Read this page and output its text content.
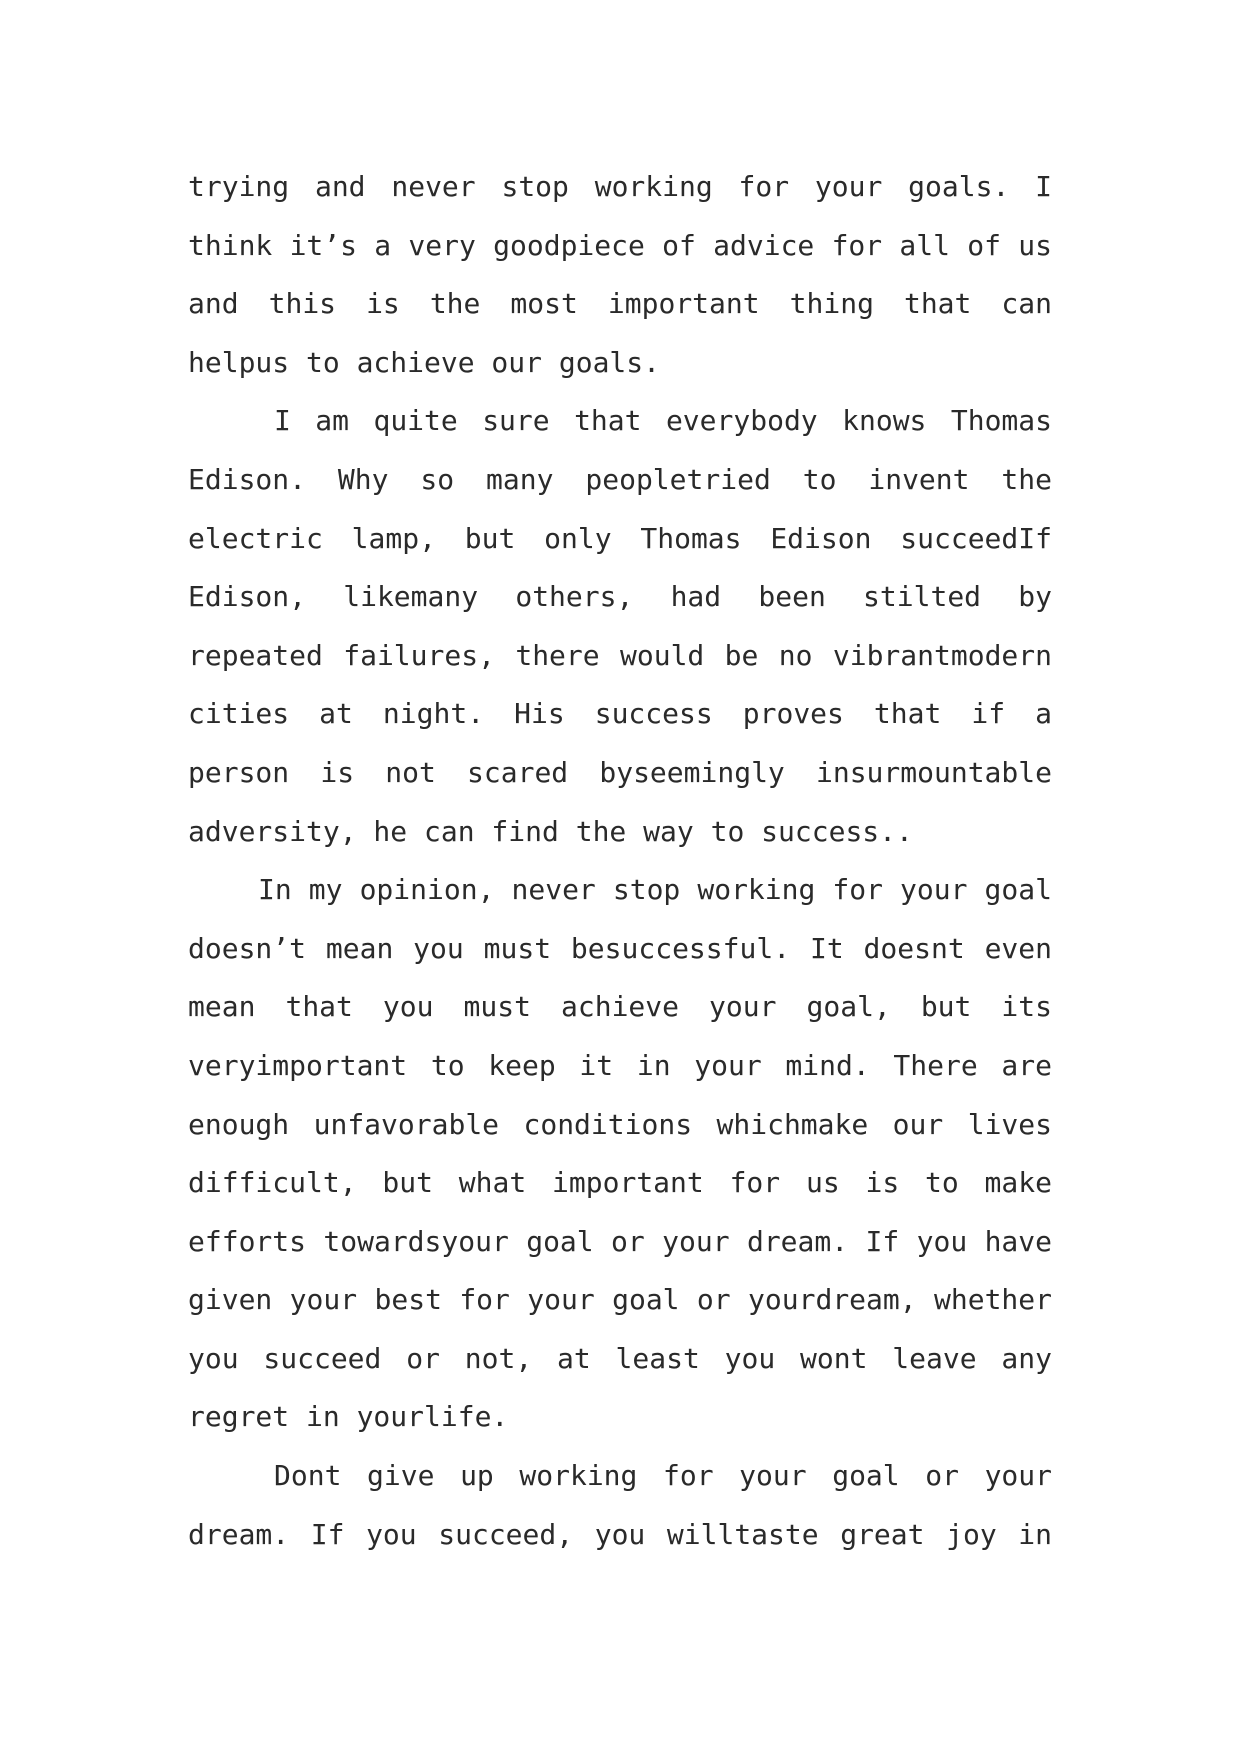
trying and never stop working for your goals. I
think it’s a very goodpiece of advice for all of us
and this is the most important thing that can
helpus to achieve our goals.
I am quite sure that everybody knows Thomas
Edison. Why so many peopletried to invent the
electric lamp, but only Thomas Edison succeedIf
Edison, likemany others, had been stilted by
repeated failures, there would be no vibrantmodern
cities at night. His success proves that if a
person is not scared byseemingly insurmountable
adversity, he can find the way to success..
In my opinion, never stop working for your goal
doesn’t mean you must besuccessful. It doesnt even
mean that you must achieve your goal, but its
veryimportant to keep it in your mind. There are
enough unfavorable conditions whichmake our lives
difficult, but what important for us is to make
efforts towardsyour goal or your dream. If you have
given your best for your goal or yourdream, whether
you succeed or not, at least you wont leave any
regret in yourlife.
Dont give up working for your goal or your
dream. If you succeed, you willtaste great joy in
